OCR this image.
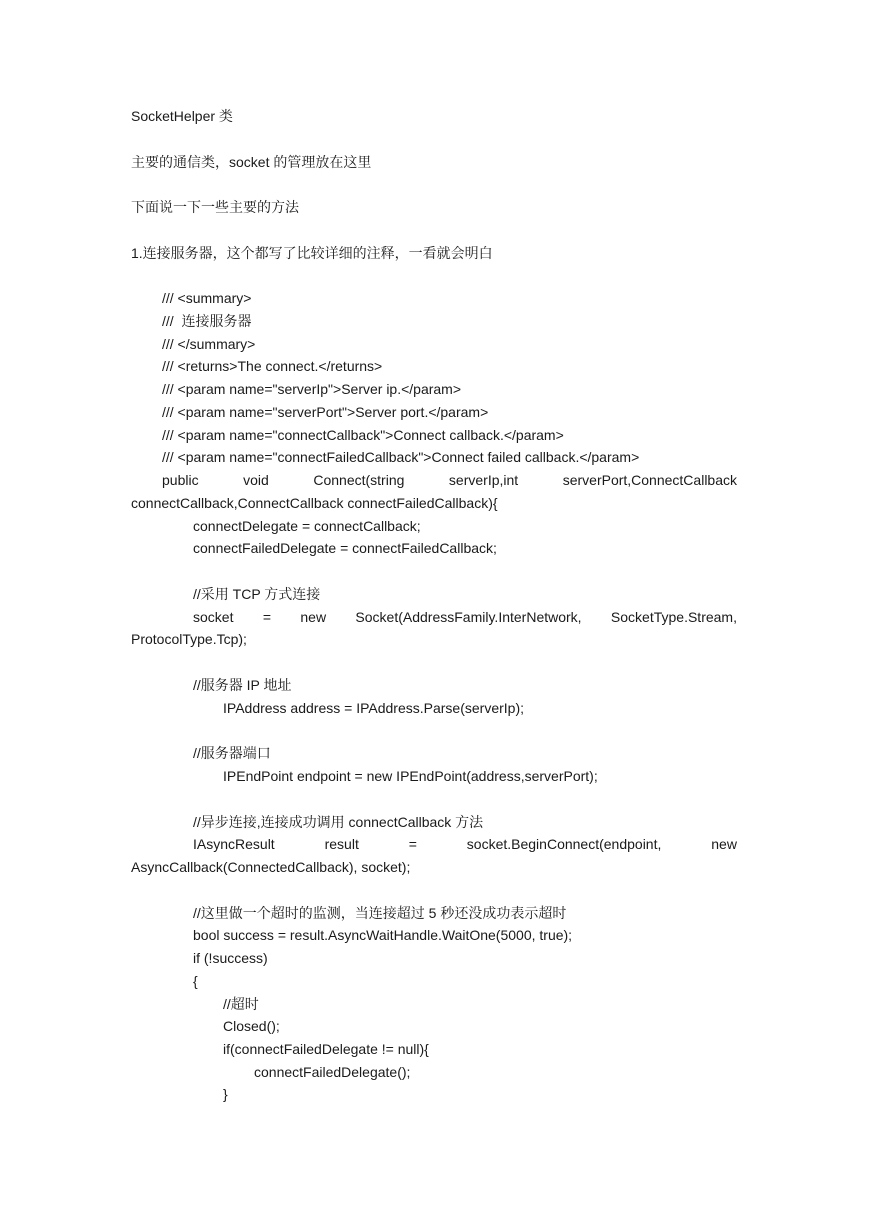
SocketHelper 类
主要的通信类，socket 的管理放在这里
下面说一下一些主要的方法
1.连接服务器，这个都写了比较详细的注释，一看就会明白
/// <summary>
///  连接服务器
/// </summary>
/// <returns>The connect.</returns>
/// <param name="serverIp">Server ip.</param>
/// <param name="serverPort">Server port.</param>
/// <param name="connectCallback">Connect callback.</param>
/// <param name="connectFailedCallback">Connect failed callback.</param>
public	void	Connect(string	serverIp,int	serverPort,ConnectCallback
connectCallback,ConnectCallback connectFailedCallback){
connectDelegate = connectCallback;
connectFailedDelegate = connectFailedCallback;
//采用 TCP 方式连接
socket = new Socket(AddressFamily.InterNetwork, SocketType.Stream,
ProtocolType.Tcp);
//服务器 IP 地址
IPAddress address = IPAddress.Parse(serverIp);
//服务器端口
IPEndPoint endpoint = new IPEndPoint(address,serverPort);
//异步连接,连接成功调用 connectCallback 方法
IAsyncResult	result	=	socket.BeginConnect(endpoint,	new
AsyncCallback(ConnectedCallback), socket);
//这里做一个超时的监测，当连接超过 5 秒还没成功表示超时
bool success = result.AsyncWaitHandle.WaitOne(5000, true);
if (!success)
{
//超时
Closed();
if(connectFailedDelegate != null){
connectFailedDelegate();
}
